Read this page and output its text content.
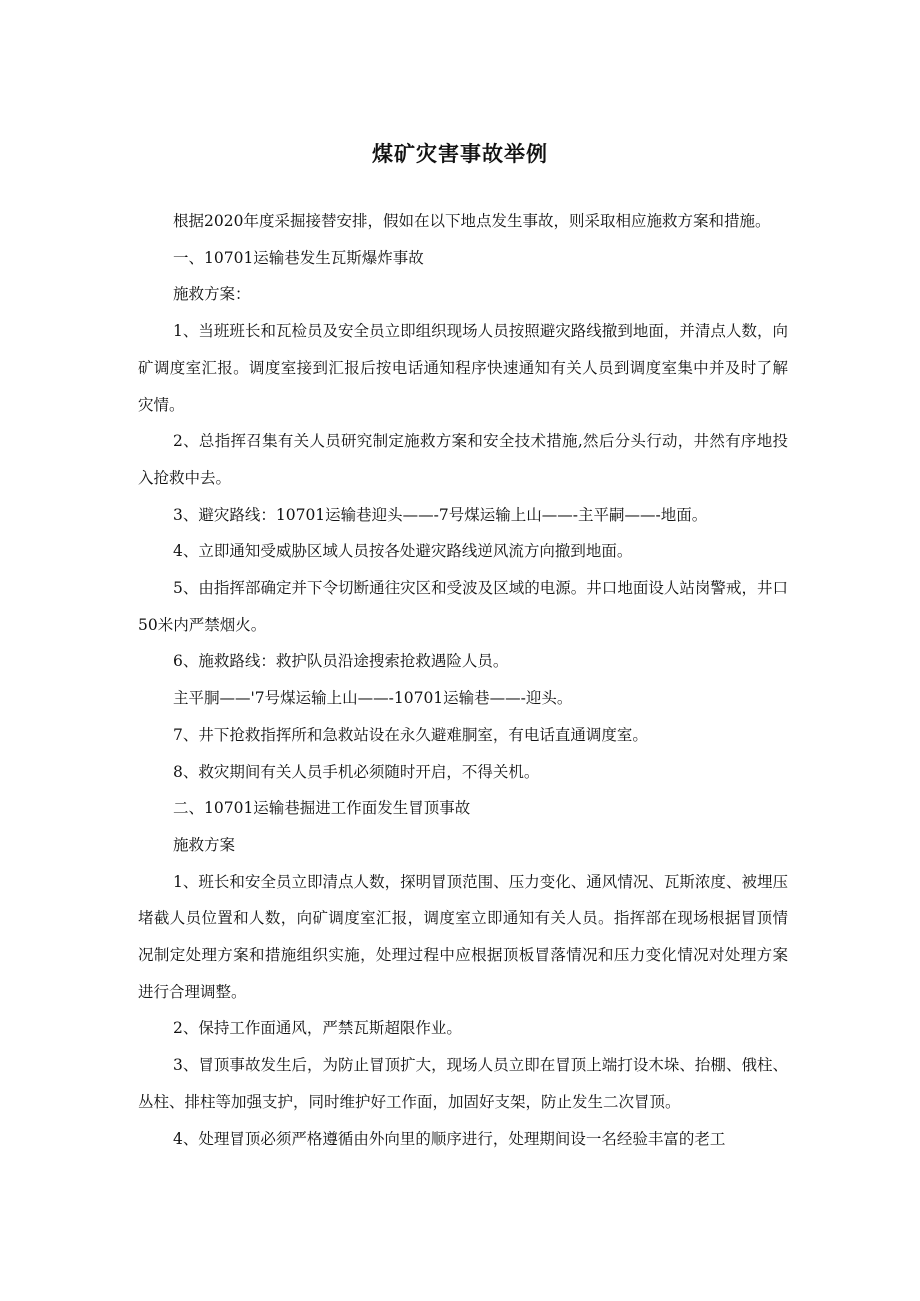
煤矿灾害事故举例

根据2020年度采掘接替安排，假如在以下地点发生事故，则采取相应施救方案和措施。

一、10701运输巷发生瓦斯爆炸事故

施救方案：

1、当班班长和瓦检员及安全员立即组织现场人员按照避灾路线撤到地面，并清点人数，向矿调度室汇报。调度室接到汇报后按电话通知程序快速通知有关人员到调度室集中并及时了解灾情。

2、总指挥召集有关人员研究制定施救方案和安全技术措施,然后分头行动，井然有序地投入抢救中去。

3、避灾路线：10701运输巷迎头——-7号煤运输上山——-主平嗣——-地面。

4、立即通知受威胁区域人员按各处避灾路线逆风流方向撤到地面。

5、由指挥部确定并下令切断通往灾区和受波及区域的电源。井口地面设人站岗警戒，井口50米内严禁烟火。

6、施救路线：救护队员沿途搜索抢救遇险人员。

主平胴——'7号煤运输上山——-10701运输巷——-迎头。

7、井下抢救指挥所和急救站设在永久避难胴室，有电话直通调度室。

8、救灾期间有关人员手机必须随时开启，不得关机。

二、10701运输巷掘进工作面发生冒顶事故

施救方案

1、班长和安全员立即清点人数，探明冒顶范围、压力变化、通风情况、瓦斯浓度、被埋压堵截人员位置和人数，向矿调度室汇报，调度室立即通知有关人员。指挥部在现场根据冒顶情况制定处理方案和措施组织实施，处理过程中应根据顶板冒落情况和压力变化情况对处理方案进行合理调整。

2、保持工作面通风，严禁瓦斯超限作业。

3、冒顶事故发生后，为防止冒顶扩大，现场人员立即在冒顶上端打设木垛、抬棚、俄柱、丛柱、排柱等加强支护，同时维护好工作面，加固好支架，防止发生二次冒顶。

4、处理冒顶必须严格遵循由外向里的顺序进行，处理期间设一名经验丰富的老工
